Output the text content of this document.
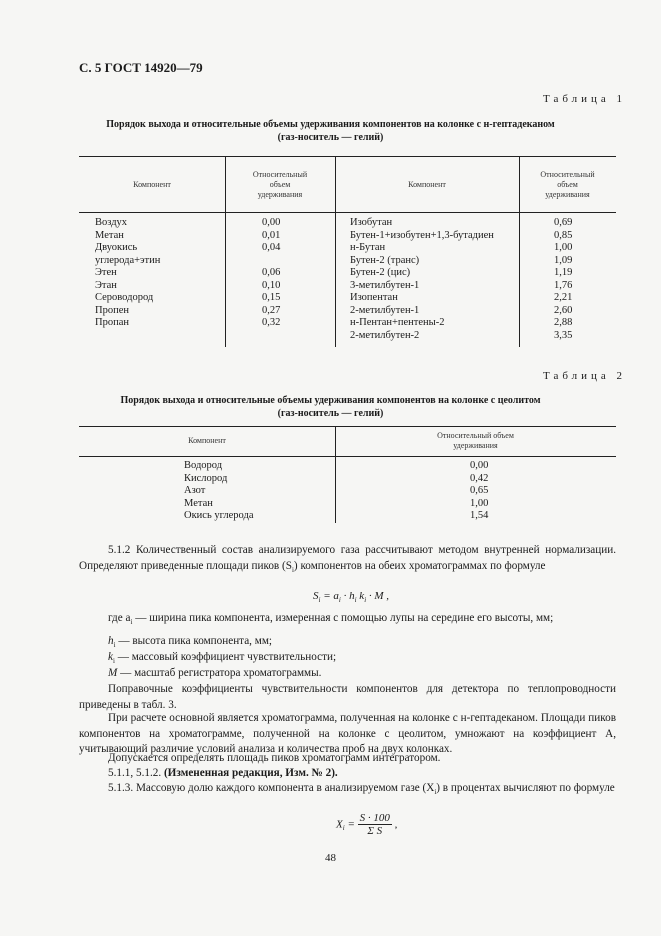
С. 5 ГОСТ 14920—79
Таблица 1
Порядок выхода и относительные объемы удерживания компонентов на колонке с н-гептадеканом
(газ-носитель — гелий)
Компонент
Относительный
объем
удерживания
Компонент
Относительный
объем
удерживания
Воздух
Метан
Двуокись
углерода+этин
Этен
Этан
Сероводород
Пропен
Пропан
0,00
0,01
0,04
0,06
0,10
0,15
0,27
0,32
Изобутан
Бутен-1+изобутен+1,3-бутадиен
н-Бутан
Бутен-2 (транс)
Бутен-2 (цис)
3-метилбутен-1
Изопентан
2-метилбутен-1
н-Пентан+пентены-2
2-метилбутен-2
0,69
0,85
1,00
1,09
1,19
1,76
2,21
2,60
2,88
3,35
Таблица 2
Порядок выхода и относительные объемы удерживания компонентов на колонке с цеолитом
(газ-носитель — гелий)
Компонент
Относительный объем
удерживания
Водород
Кислород
Азот
Метан
Окись углерода
0,00
0,42
0,65
1,00
1,54
5.1.2 Количественный состав анализируемого газа рассчитывают методом внутренней нормализации. Определяют приведенные площади пиков $(S_i)$ компонентов на обеих хроматограммах по формуле
$S_i = a_i \cdot h_i$ $k_i \cdot M$ ,
где $a_i$ — ширина пика компонента, измеренная с помощью лупы на середине его высоты, мм;
$h_i$ — высота пика компонента, мм;
$k_i$ — массовый коэффициент чувствительности;
M — масштаб регистратора хроматограммы.
Поправочные коэффициенты чувствительности компонентов для детектора по теплопроводности приведены в табл. 3.
При расчете основной является хроматограмма, полученная на колонке с н-гептадеканом. Площади пиков компонентов на хроматограмме, полученной на колонке с цеолитом, умножают на коэффициент A, учитывающий различие условий анализа и количества проб на двух колонках.
Допускается определять площадь пиков хроматограмм интегратором.
5.1.1, 5.1.2. (Измененная редакция, Изм. № 2).
5.1.3. Массовую долю каждого компонента в анализируемом газе $(X_i)$ в процентах вычисляют по формуле
$X_i = \frac{S \cdot 100}{\text{Σ S}}$ ,
48
